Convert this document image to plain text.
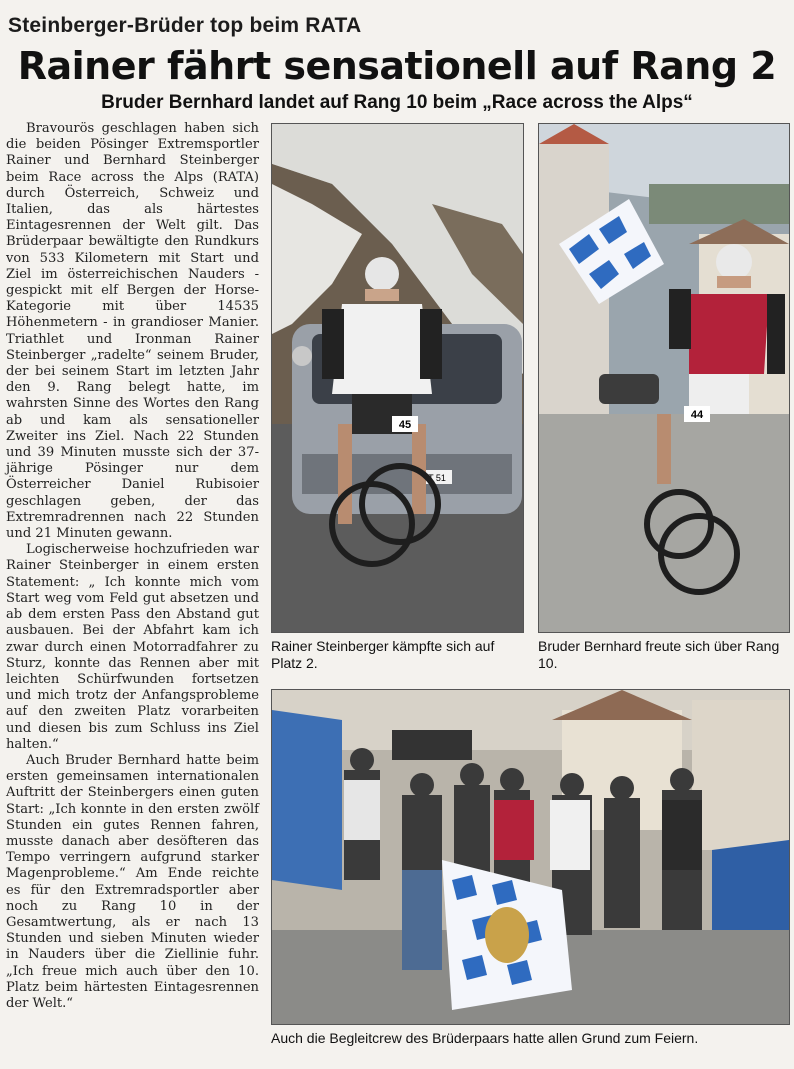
Steinberger-Brüder top beim RATA
Rainer fährt sensationell auf Rang 2
Bruder Bernhard landet auf Rang 10 beim „Race across the Alps“

Bravourös geschlagen haben sich die beiden Pösinger Extremsportler Rainer und Bernhard Steinberger beim Race across the Alps (RATA) durch Österreich, Schweiz und Italien, das als härtestes Eintagesrennen der Welt gilt. Das Brüderpaar bewältigte den Rundkurs von 533 Kilometern mit Start und Ziel im österreichischen Nauders - gespickt mit elf Bergen der Horse-Kategorie mit über 14535 Höhenmetern - in grandioser Manier. Triathlet und Ironman Rainer Steinberger „radelte“ seinem Bruder, der bei seinem Start im letzten Jahr den 9. Rang belegt hatte, im wahrsten Sinne des Wortes den Rang ab und kam als sensationeller Zweiter ins Ziel. Nach 22 Stunden und 39 Minuten musste sich der 37-jährige Pösinger nur dem Österreicher Daniel Rubisoier geschlagen geben, der das Extremradrennen nach 22 Stunden und 21 Minuten gewann.

Logischerweise hochzufrieden war Rainer Steinberger in einem ersten Statement: „ Ich konnte mich vom Start weg vom Feld gut absetzen und ab dem ersten Pass den Abstand gut ausbauen. Bei der Abfahrt kam ich zwar durch einen Motorradfahrer zu Sturz, konnte das Rennen aber mit leichten Schürfwunden fortsetzen und mich trotz der Anfangsprobleme auf den zweiten Platz vorarbeiten und diesen bis zum Schluss ins Ziel halten.“

Auch Bruder Bernhard hatte beim ersten gemeinsamen internationalen Auftritt der Steinbergers einen guten Start: „Ich konnte in den ersten zwölf Stunden ein gutes Rennen fahren, musste danach aber desöfteren das Tempo verringern aufgrund starker Magenprobleme.“ Am Ende reichte es für den Extremradsportler aber noch zu Rang 10 in der Gesamtwertung, als er nach 13 Stunden und sieben Minuten wieder in Nauders über die Ziellinie fuhr. „Ich freue mich auch über den 10. Platz beim härtesten Eintagesrennen der Welt.“

T 51
45
44
Rainer Steinberger kämpfte sich auf Platz 2.
Bruder Bernhard freute sich über Rang 10.
Auch die Begleitcrew des Brüderpaars hatte allen Grund zum Feiern.
